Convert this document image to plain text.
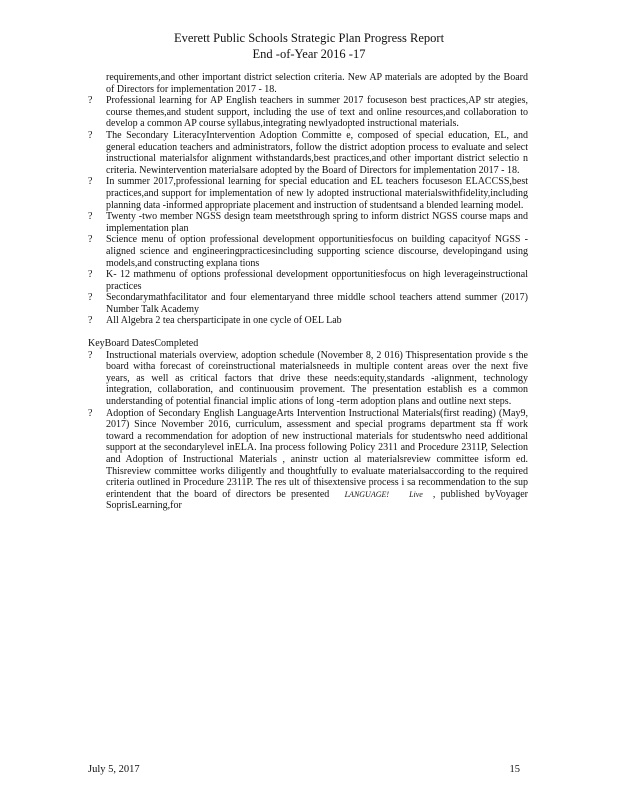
Everett Public Schools Strategic Plan Progress Report
End -of-Year 2016 -17

requirements,and other important district selection criteria. New AP materials are adopted by the Board of Directors for implementation 2017 - 18.

? Professional learning for AP English teachers in summer 2017 focuseson best practices,AP str ategies, course themes,and student support, including the use of text and online resources,and collaboration to develop a common AP course syllabus,integrating newlyadopted instructional materials.
? The Secondary LiteracyIntervention Adoption Committe e, composed of special education, EL, and general education teachers and administrators, follow the district adoption process to evaluate and select instructional materialsfor alignment withstandards,best practices,and other important district selectio n criteria. Newintervention materialsare adopted by the Board of Directors for implementation 2017 - 18.
? In summer 2017,professional learning for special education and EL teachers focuseson ELACCSS,best practices,and support for implementation of new ly adopted instructional materialswithfidelity,including planning data -informed appropriate placement and instruction of studentsand a blended learning model.
? Twenty -two member NGSS design team meetsthrough spring to inform district NGSS course maps and implementation plan
? Science menu of option professional development opportunitiesfocus on building capacityof NGSS - aligned science and engineeringpracticesincluding supporting science discourse, developingand using models,and constructing explana tions
? K- 12 mathmenu of options professional development opportunitiesfocus on high leverageinstructional practices
? Secondarymathfacilitator and four elementaryand three middle school teachers attend summer (2017) Number Talk Academy
? All Algebra 2 tea chersparticipate in one cycle of OEL Lab

KeyBoard DatesCompleted

? Instructional materials overview, adoption schedule (November 8, 2 016) Thispresentation provide s the board witha forecast of coreinstructional materialsneeds in multiple content areas over the next five years, as well as critical factors that drive these needs:equity,standards -alignment, technology integration, collaboration, and continuousim provement. The presentation establish es a common understanding of potential financial implic ations of long -term adoption plans and outline next steps.
? Adoption of Secondary English LanguageArts Intervention Instructional Materials(first reading) (May9, 2017) Since November 2016, curriculum, assessment and special programs department sta ff work toward a recommendation for adoption of new instructional materials for studentswho need additional support at the secondarylevel inELA. Ina process following Policy 2311 and Procedure 2311P, Selection and Adoption of Instructional Materials , aninstr uction al materialsreview committee isform ed. Thisreview committee works diligently and thoughtfully to evaluate materialsaccording to the required criteria outlined in Procedure 2311P. The res ult of thisextensive process i sa recommendation to the sup erintendent that the board of directors be presented LANGUAGE!	Live , published byVoyager SoprisLearning,for
July 5, 2017	15
